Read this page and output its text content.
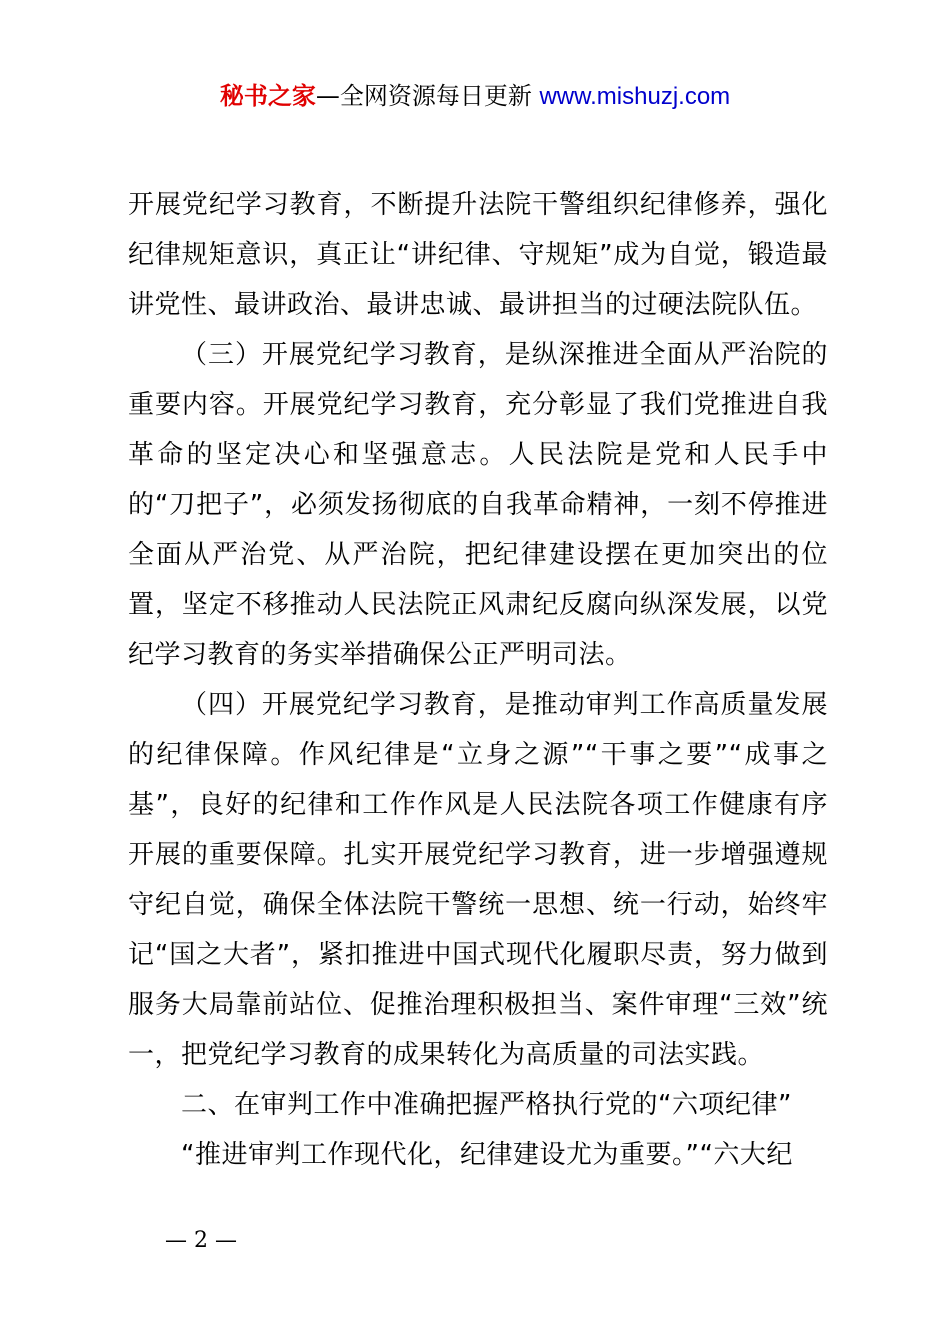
秘书之家—全网资源每日更新 www.mishuzj.com

开展党纪学习教育，不断提升法院干警组织纪律修养，强化纪律规矩意识，真正让“讲纪律、守规矩”成为自觉，锻造最讲党性、最讲政治、最讲忠诚、最讲担当的过硬法院队伍。

（三）开展党纪学习教育，是纵深推进全面从严治院的重要内容。开展党纪学习教育，充分彰显了我们党推进自我革命的坚定决心和坚强意志。人民法院是党和人民手中的“刀把子”，必须发扬彻底的自我革命精神，一刻不停推进全面从严治党、从严治院，把纪律建设摆在更加突出的位置，坚定不移推动人民法院正风肃纪反腐向纵深发展，以党纪学习教育的务实举措确保公正严明司法。

（四）开展党纪学习教育，是推动审判工作高质量发展的纪律保障。作风纪律是“立身之源”“干事之要”“成事之基”，良好的纪律和工作作风是人民法院各项工作健康有序开展的重要保障。扎实开展党纪学习教育，进一步增强遵规守纪自觉，确保全体法院干警统一思想、统一行动，始终牢记“国之大者”，紧扣推进中国式现代化履职尽责，努力做到服务大局靠前站位、促推治理积极担当、案件审理“三效”统一，把党纪学习教育的成果转化为高质量的司法实践。

二、在审判工作中准确把握严格执行党的“六项纪律”

“推进审判工作现代化，纪律建设尤为重要。”“六大纪

— 2 —
